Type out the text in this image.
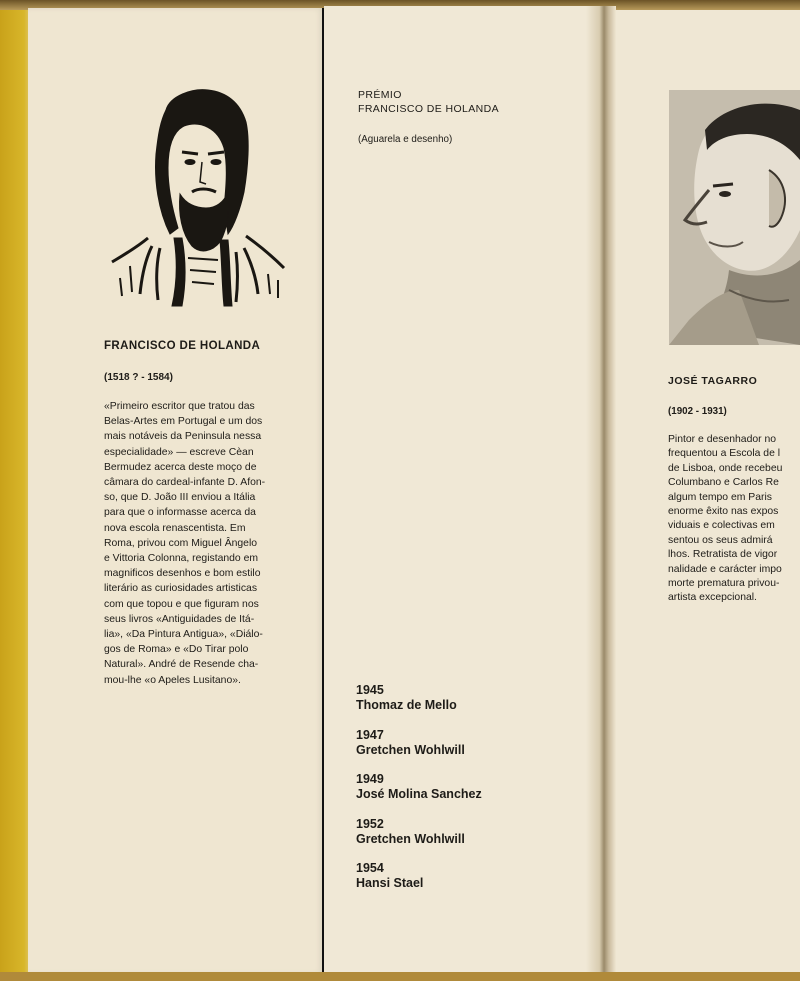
FRANCISCO DE HOLANDA
(1518 ? - 1584)

«Primeiro escritor que tratou das
Belas-Artes em Portugal e um dos
mais notáveis da Peninsula nessa
especialidade» — escreve Cèan
Bermudez acerca deste moço de
câmara do cardeal-infante D. Afon-
so, que D. João III enviou a Itália
para que o informasse acerca da
nova escola renascentista. Em
Roma, privou com Miguel Ângelo
e Vittoria Colonna, registando em
magnificos desenhos e bom estilo
literário as curiosidades artisticas
com que topou e que figuram nos
seus livros «Antiguidades de Itá-
lia», «Da Pintura Antigua», «Diálo-
gos de Roma» e «Do Tirar polo
Natural». André de Resende cha-
mou-lhe «o Apeles Lusitano».

PRÉMIO
FRANCISCO DE HOLANDA
(Aguarela e desenho)
1945
Thomaz de Mello
1947
Gretchen Wohlwill
1949
José Molina Sanchez
1952
Gretchen Wohlwill
1954
Hansi Stael
JOSÉ TAGARRO
(1902 - 1931)

Pintor e desenhador no
frequentou a Escola de l
de Lisboa, onde recebeu
Columbano e Carlos Re
algum tempo em Paris
enorme êxito nas expos
viduais e colectivas em
sentou os seus admirá
lhos. Retratista de vigor
nalidade e carácter impo
morte prematura privou-
artista excepcional.
